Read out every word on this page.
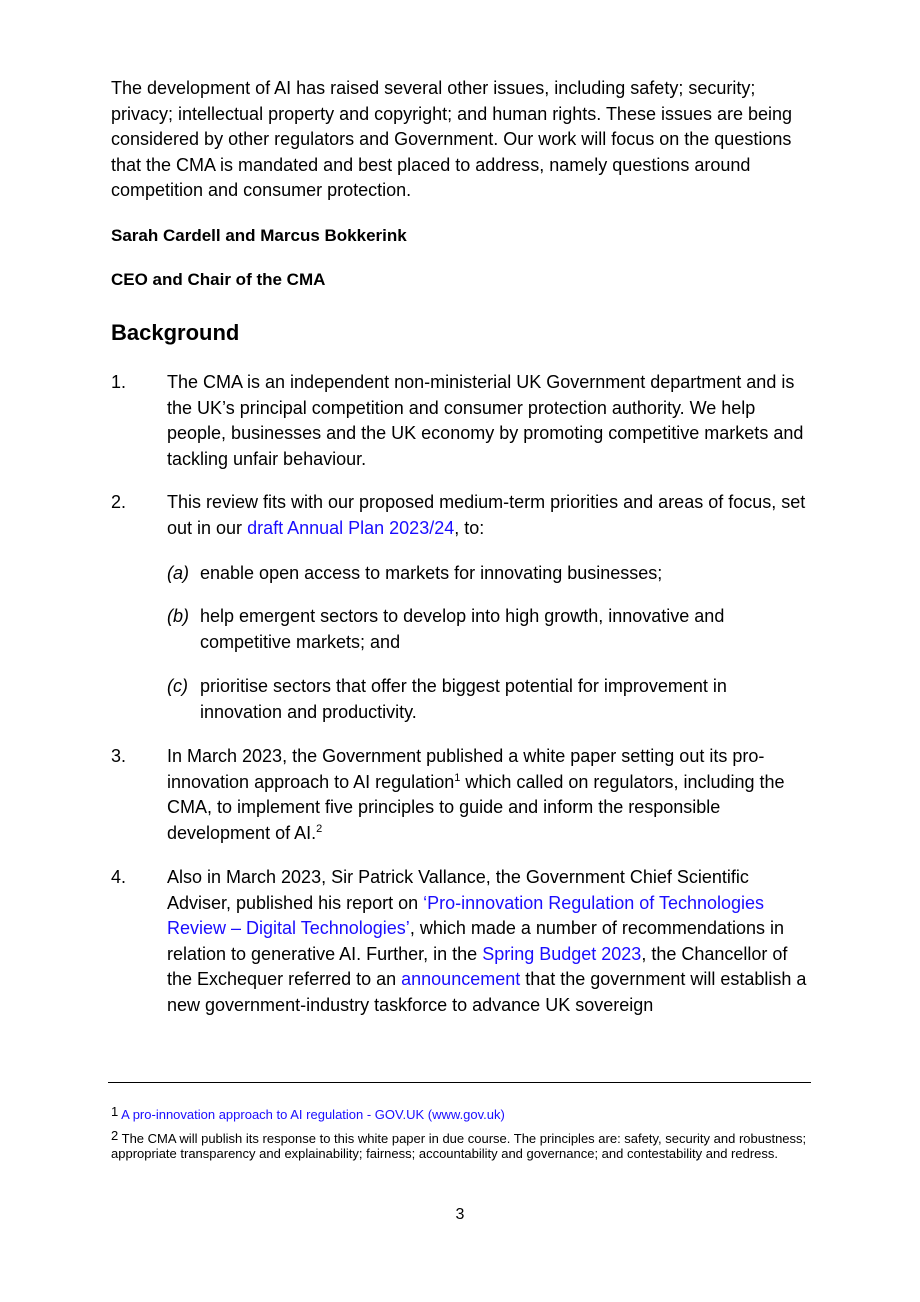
The development of AI has raised several other issues, including safety; security; privacy; intellectual property and copyright; and human rights. These issues are being considered by other regulators and Government. Our work will focus on the questions that the CMA is mandated and best placed to address, namely questions around competition and consumer protection.

Sarah Cardell and Marcus Bokkerink

CEO and Chair of the CMA

Background
1. The CMA is an independent non-ministerial UK Government department and is the UK’s principal competition and consumer protection authority. We help people, businesses and the UK economy by promoting competitive markets and tackling unfair behaviour.
2. This review fits with our proposed medium-term priorities and areas of focus, set out in our draft Annual Plan 2023/24, to:
(a) enable open access to markets for innovating businesses;
(b) help emergent sectors to develop into high growth, innovative and competitive markets; and
(c) prioritise sectors that offer the biggest potential for improvement in innovation and productivity.
3. In March 2023, the Government published a white paper setting out its pro-innovation approach to AI regulation$^1$ which called on regulators, including the CMA, to implement five principles to guide and inform the responsible development of AI.$^2$
4. Also in March 2023, Sir Patrick Vallance, the Government Chief Scientific Adviser, published his report on ‘Pro-innovation Regulation of Technologies Review – Digital Technologies’, which made a number of recommendations in relation to generative AI. Further, in the Spring Budget 2023, the Chancellor of the Exchequer referred to an announcement that the government will establish a new government-industry taskforce to advance UK sovereign
1 A pro-innovation approach to AI regulation - GOV.UK (www.gov.uk)
2 The CMA will publish its response to this white paper in due course. The principles are: safety, security and robustness; appropriate transparency and explainability; fairness; accountability and governance; and contestability and redress.
3
